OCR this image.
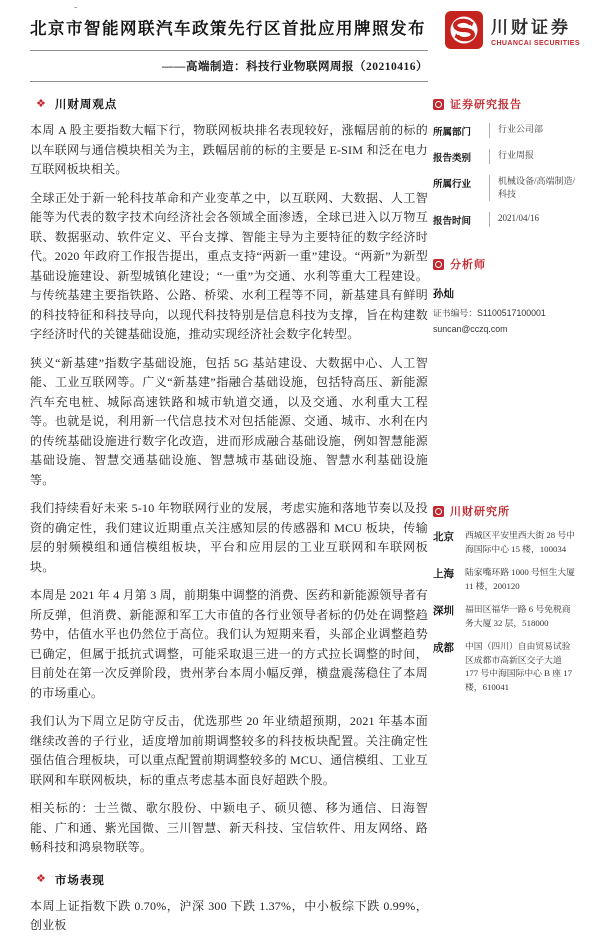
-
川财证券
CHUANCAI SECURITIES
北京市智能网联汽车政策先行区首批应用牌照发布
——高端制造：科技行业物联网周报（20210416）
❖ 川财周观点

本周 A 股主要指数大幅下行，物联网板块排名表现较好，涨幅居前的标的以车联网与通信模块相关为主，跌幅居前的标的主要是 E-SIM 和泛在电力互联网板块相关。

全球正处于新一轮科技革命和产业变革之中，以互联网、大数据、人工智能等为代表的数字技术向经济社会各领域全面渗透，全球已进入以万物互联、数据驱动、软件定义、平台支撑、智能主导为主要特征的数字经济时代。2020 年政府工作报告提出，重点支持“两新一重”建设。“两新”为新型基础设施建设、新型城镇化建设；“一重”为交通、水利等重大工程建设。与传统基建主要指铁路、公路、桥梁、水利工程等不同，新基建具有鲜明的科技特征和科技导向，以现代科技特别是信息科技为支撑，旨在构建数字经济时代的关键基础设施，推动实现经济社会数字化转型。

狭义“新基建”指数字基础设施，包括 5G 基站建设、大数据中心、人工智能、工业互联网等。广义“新基建”指融合基础设施，包括特高压、新能源汽车充电桩、城际高速铁路和城市轨道交通，以及交通、水利重大工程等。也就是说，利用新一代信息技术对包括能源、交通、城市、水利在内的传统基础设施进行数字化改造，进而形成融合基础设施，例如智慧能源基础设施、智慧交通基础设施、智慧城市基础设施、智慧水利基础设施等。

我们持续看好未来 5-10 年物联网行业的发展，考虑实施和落地节奏以及投资的确定性，我们建议近期重点关注感知层的传感器和 MCU 板块，传输层的射频模组和通信模组板块，平台和应用层的工业互联网和车联网板块。

本周是 2021 年 4 月第 3 周，前期集中调整的消费、医药和新能源领导者有所反弹，但消费、新能源和军工大市值的各行业领导者标的仍处在调整趋势中，估值水平也仍然位于高位。我们认为短期来看，头部企业调整趋势已确定，但属于抵抗式调整，可能采取退三进一的方式拉长调整的时间，目前处在第一次反弹阶段，贵州茅台本周小幅反弹，横盘震荡稳住了本周的市场重心。

我们认为下周立足防守反击，优选那些 20 年业绩超预期，2021 年基本面继续改善的子行业，适度增加前期调整较多的科技板块配置。关注确定性强估值合理板块，可以重点配置前期调整较多的 MCU、通信模组、工业互联网和车联网板块，标的重点考虑基本面良好超跌个股。

相关标的：士兰微、歌尔股份、中颖电子、硕贝德、移为通信、日海智能、广和通、紫光国微、三川智慧、新天科技、宝信软件、用友网络、路畅科技和鸿泉物联等。

❖ 市场表现

本周上证指数下跌 0.70%，沪深 300 下跌 1.37%，中小板综下跌 0.99%，创业板

证券研究报告
所属部门	行业公司部
报告类别	行业周报
所属行业	机械设备/高端制造/科技
报告时间	2021/04/16
分析师
孙灿
证书编号：S1100517100001
suncan@cczq.com
川财研究所
北京	西城区平安里西大街 28 号中海国际中心 15 楼，100034
上海	陆家嘴环路 1000 号恒生大厦 11 楼，200120
深圳	福田区福华一路 6 号免税商务大厦 32 层，518000
成都	中国（四川）自由贸易试验区成都市高新区交子大道 177 号中海国际中心 B 座 17 楼，610041
